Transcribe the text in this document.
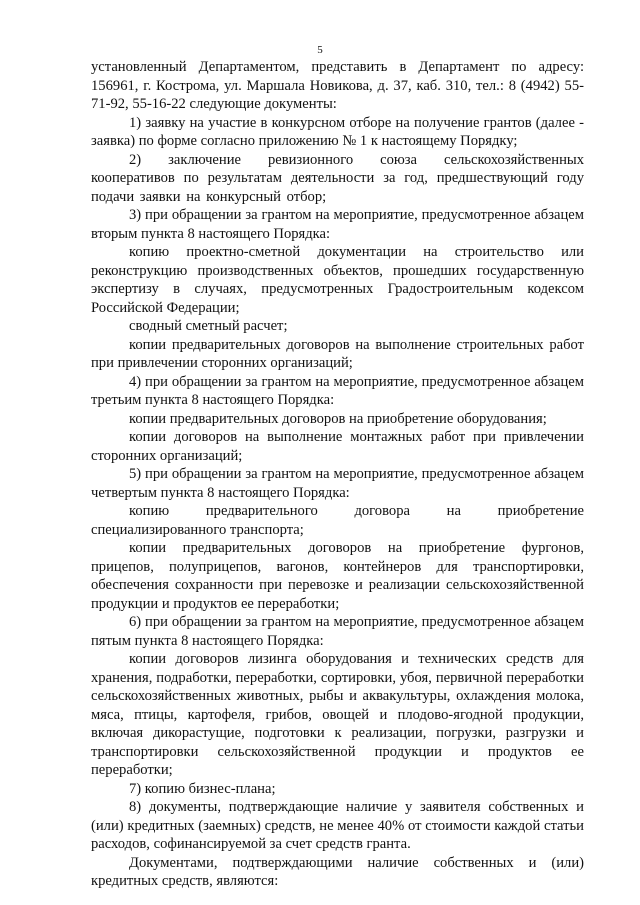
5

установленный Департаментом, представить в Департамент по адресу: 156961, г. Кострома, ул. Маршала Новикова, д. 37, каб. 310, тел.: 8 (4942) 55-71-92, 55-16-22 следующие документы:

1) заявку на участие в конкурсном отборе на получение грантов (далее - заявка) по форме согласно приложению № 1 к настоящему Порядку;

2) заключение ревизионного союза сельскохозяйственных кооперативов по результатам деятельности за год, предшествующий году подачи заявки на конкурсный отбор;

3) при обращении за грантом на мероприятие, предусмотренное абзацем вторым пункта 8 настоящего Порядка:

копию проектно-сметной документации на строительство или реконструкцию производственных объектов, прошедших государственную экспертизу в случаях, предусмотренных Градостроительным кодексом Российской Федерации;

сводный сметный расчет;

копии предварительных договоров на выполнение строительных работ при привлечении сторонних организаций;

4) при обращении за грантом на мероприятие, предусмотренное абзацем третьим пункта 8 настоящего Порядка:

копии предварительных договоров на приобретение оборудования;

копии договоров на выполнение монтажных работ при привлечении сторонних организаций;

5) при обращении за грантом на мероприятие, предусмотренное абзацем четвертым пункта 8 настоящего Порядка:

копию предварительного договора на приобретение специализированного транспорта;

копии предварительных договоров на приобретение фургонов, прицепов, полуприцепов, вагонов, контейнеров для транспортировки, обеспечения сохранности при перевозке и реализации сельскохозяйственной продукции и продуктов ее переработки;

6) при обращении за грантом на мероприятие, предусмотренное абзацем пятым пункта 8 настоящего Порядка:

копии договоров лизинга оборудования и технических средств для хранения, подработки, переработки, сортировки, убоя, первичной переработки сельскохозяйственных животных, рыбы и аквакультуры, охлаждения молока, мяса, птицы, картофеля, грибов, овощей и плодово-ягодной продукции, включая дикорастущие, подготовки к реализации, погрузки, разгрузки и транспортировки сельскохозяйственной продукции и продуктов ее переработки;

7) копию бизнес-плана;

8) документы, подтверждающие наличие у заявителя собственных и (или) кредитных (заемных) средств, не менее 40% от стоимости каждой статьи расходов, софинансируемой за счет средств гранта.

Документами, подтверждающими наличие собственных и (или) кредитных средств, являются:
